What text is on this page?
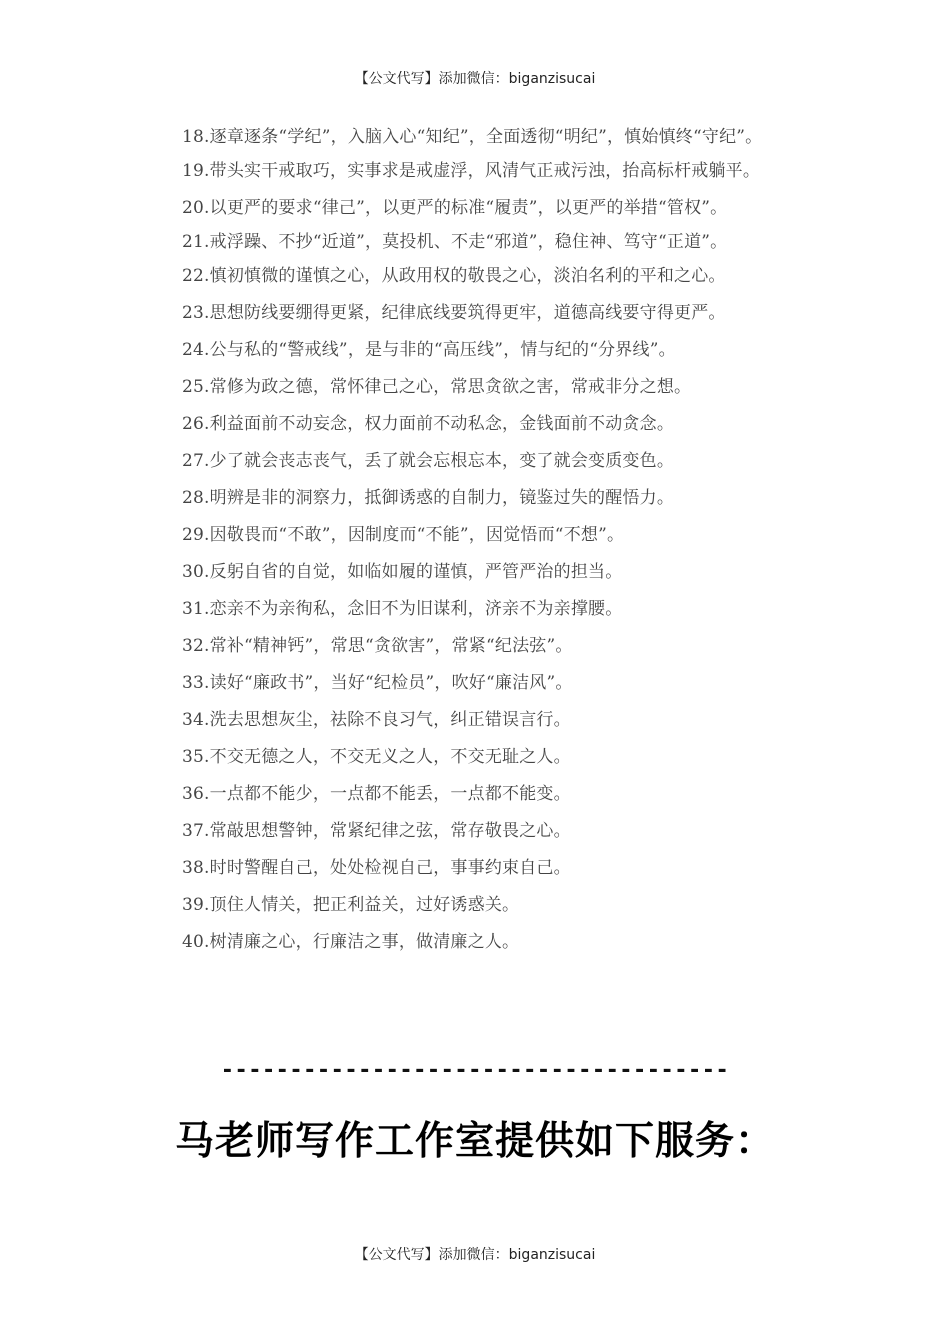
【公文代写】添加微信：biganzisucai

18.逐章逐条“学纪”，入脑入心“知纪”，全面透彻“明纪”，慎始慎终“守纪”。

19.带头实干戒取巧，实事求是戒虚浮，风清气正戒污浊，抬高标杆戒躺平。

20.以更严的要求“律己”，以更严的标准“履责”，以更严的举措“管权”。

21.戒浮躁、不抄“近道”，莫投机、不走“邪道”，稳住神、笃守“正道”。

22.慎初慎微的谨慎之心，从政用权的敬畏之心，淡泊名利的平和之心。

23.思想防线要绷得更紧，纪律底线要筑得更牢，道德高线要守得更严。

24.公与私的“警戒线”，是与非的“高压线”，情与纪的“分界线”。

25.常修为政之德，常怀律己之心，常思贪欲之害，常戒非分之想。

26.利益面前不动妄念，权力面前不动私念，金钱面前不动贪念。

27.少了就会丧志丧气，丢了就会忘根忘本，变了就会变质变色。

28.明辨是非的洞察力，抵御诱惑的自制力，镜鉴过失的醒悟力。

29.因敬畏而“不敢”，因制度而“不能”，因觉悟而“不想”。

30.反躬自省的自觉，如临如履的谨慎，严管严治的担当。

31.恋亲不为亲徇私，念旧不为旧谋利，济亲不为亲撑腰。

32.常补“精神钙”，常思“贪欲害”，常紧“纪法弦”。

33.读好“廉政书”，当好“纪检员”，吹好“廉洁风”。

34.洗去思想灰尘，祛除不良习气，纠正错误言行。

35.不交无德之人，不交无义之人，不交无耻之人。

36.一点都不能少，一点都不能丢，一点都不能变。

37.常敲思想警钟，常紧纪律之弦，常存敬畏之心。

38.时时警醒自己，处处检视自己，事事约束自己。

39.顶住人情关，把正利益关，过好诱惑关。

40.树清廉之心，行廉洁之事，做清廉之人。

-------------------------------------
马老师写作工作室提供如下服务：
【公文代写】添加微信：biganzisucai
